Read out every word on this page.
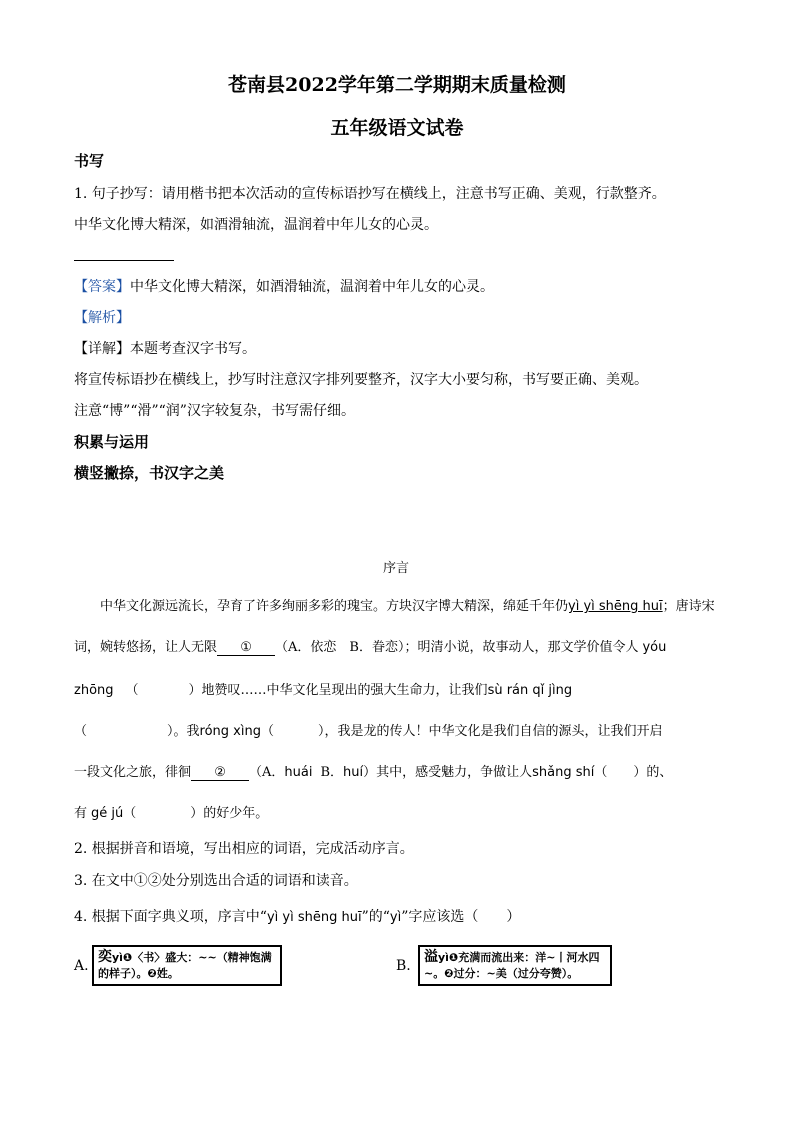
苍南县2022学年第二学期期末质量检测
五年级语文试卷
书写
1. 句子抄写：请用楷书把本次活动的宣传标语抄写在横线上，注意书写正确、美观，行款整齐。
中华文化博大精深，如酒滑轴流，温润着中年儿女的心灵。
【答案】中华文化博大精深，如酒滑轴流，温润着中年儿女的心灵。
【解析】
【详解】本题考查汉字书写。
将宣传标语抄在横线上，抄写时注意汉字排列要整齐，汉字大小要匀称，书写要正确、美观。
注意“博”“滑”“润”汉字较复杂，书写需仔细。
积累与运用
横竖撇捺，书汉字之美
序言
中华文化源远流长，孕育了许多绚丽多彩的瑰宝。方块汉字博大精深，绵延千年仍yì yì shēng huī；唐诗宋
词，婉转悠扬，让人无限 ① （A．依恋　B．眷恋）；明清小说，故事动人，那文学价值令人 yóu
zhōng （	）地赞叹……中华文化呈现出的强大生命力，让我们sù rán qǐ jìng
（	）。我róng xìng（	），我是龙的传人！中华文化是我们自信的源头，让我们开启
一段文化之旅，徘徊 ② （A．huái B．huí）其中，感受魅力，争做让人shǎng shí（ ）的、
有 gé jú（	）的好少年。
2. 根据拼音和语境，写出相应的词语，完成活动序言。
3. 在文中①②处分别选出合适的词语和读音。
4. 根据下面字典义项，序言中“yì yì shēng huī”的“yì”字应该选（　　）
A.
奕yì❶〈书〉盛大：~~（精神饱满的样子）。❷姓。	B.
溢yì❶充满而流出来：洋~丨河水四~。❷过分：~美（过分夸赞）。
